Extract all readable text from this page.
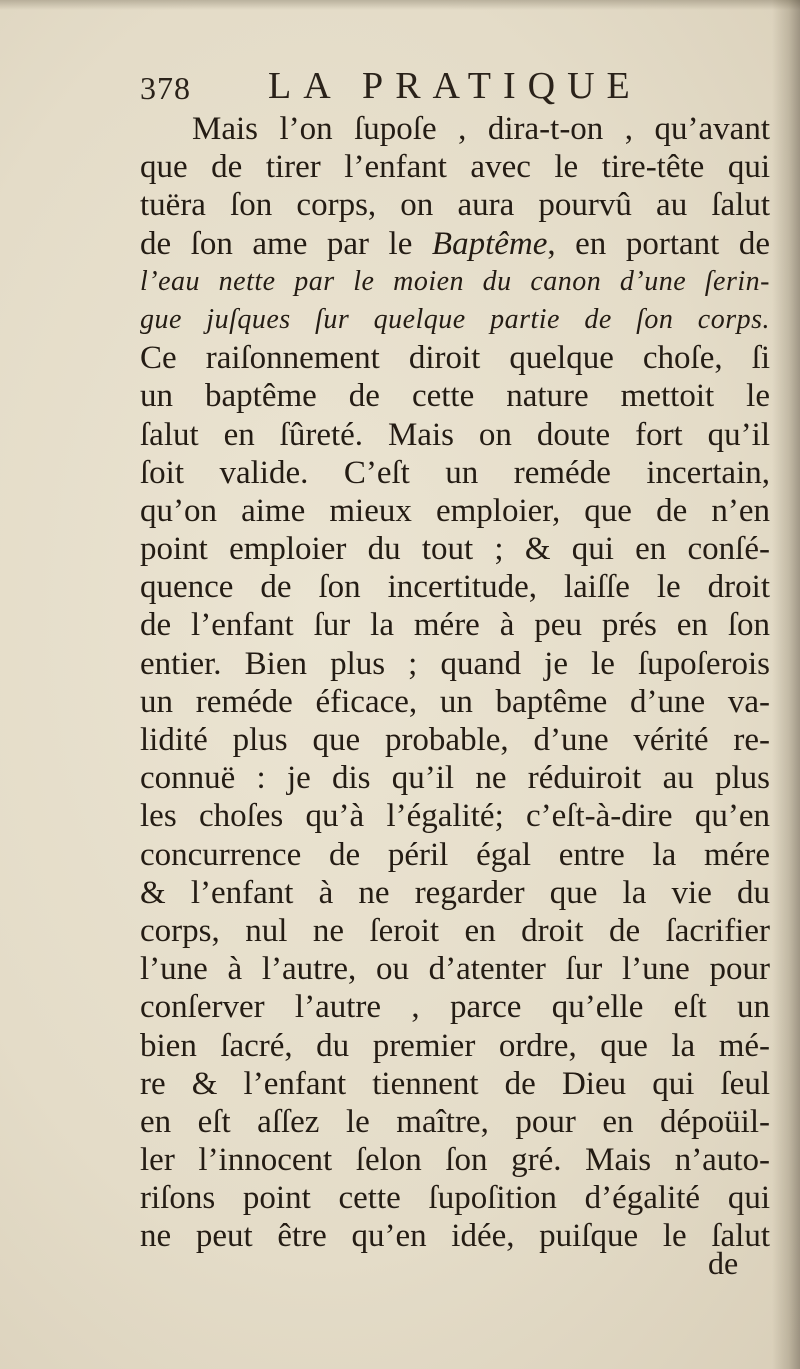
378 LA PRATIQUE
Mais l’on ſupoſe , dira-t-on , qu’avant
que de tirer l’enfant avec le tire-tête qui
tuëra ſon corps, on aura pourvû au ſalut
de ſon ame par le Baptême, en portant de
l’eau nette par le moien du canon d’une ſerin-
gue juſques ſur quelque partie de ſon corps.
Ce raiſonnement diroit quelque choſe, ſi
un baptême de cette nature mettoit le
ſalut en ſûreté. Mais on doute fort qu’il
ſoit valide. C’eſt un reméde incertain,
qu’on aime mieux emploier, que de n’en
point emploier du tout ; & qui en conſé-
quence de ſon incertitude, laiſſe le droit
de l’enfant ſur la mére à peu prés en ſon
entier. Bien plus ; quand je le ſupoſerois
un reméde éficace, un baptême d’une va-
lidité plus que probable, d’une vérité re-
connuë : je dis qu’il ne réduiroit au plus
les choſes qu’à l’égalité; c’eſt-à-dire qu’en
concurrence de péril égal entre la mére
& l’enfant à ne regarder que la vie du
corps, nul ne ſeroit en droit de ſacrifier
l’une à l’autre, ou d’atenter ſur l’une pour
conſerver l’autre , parce qu’elle eſt un
bien ſacré, du premier ordre, que la mé-
re & l’enfant tiennent de Dieu qui ſeul
en eſt aſſez le maître, pour en dépoüil-
ler l’innocent ſelon ſon gré. Mais n’auto-
riſons point cette ſupoſition d’égalité qui
ne peut être qu’en idée, puiſque le ſalut
de
